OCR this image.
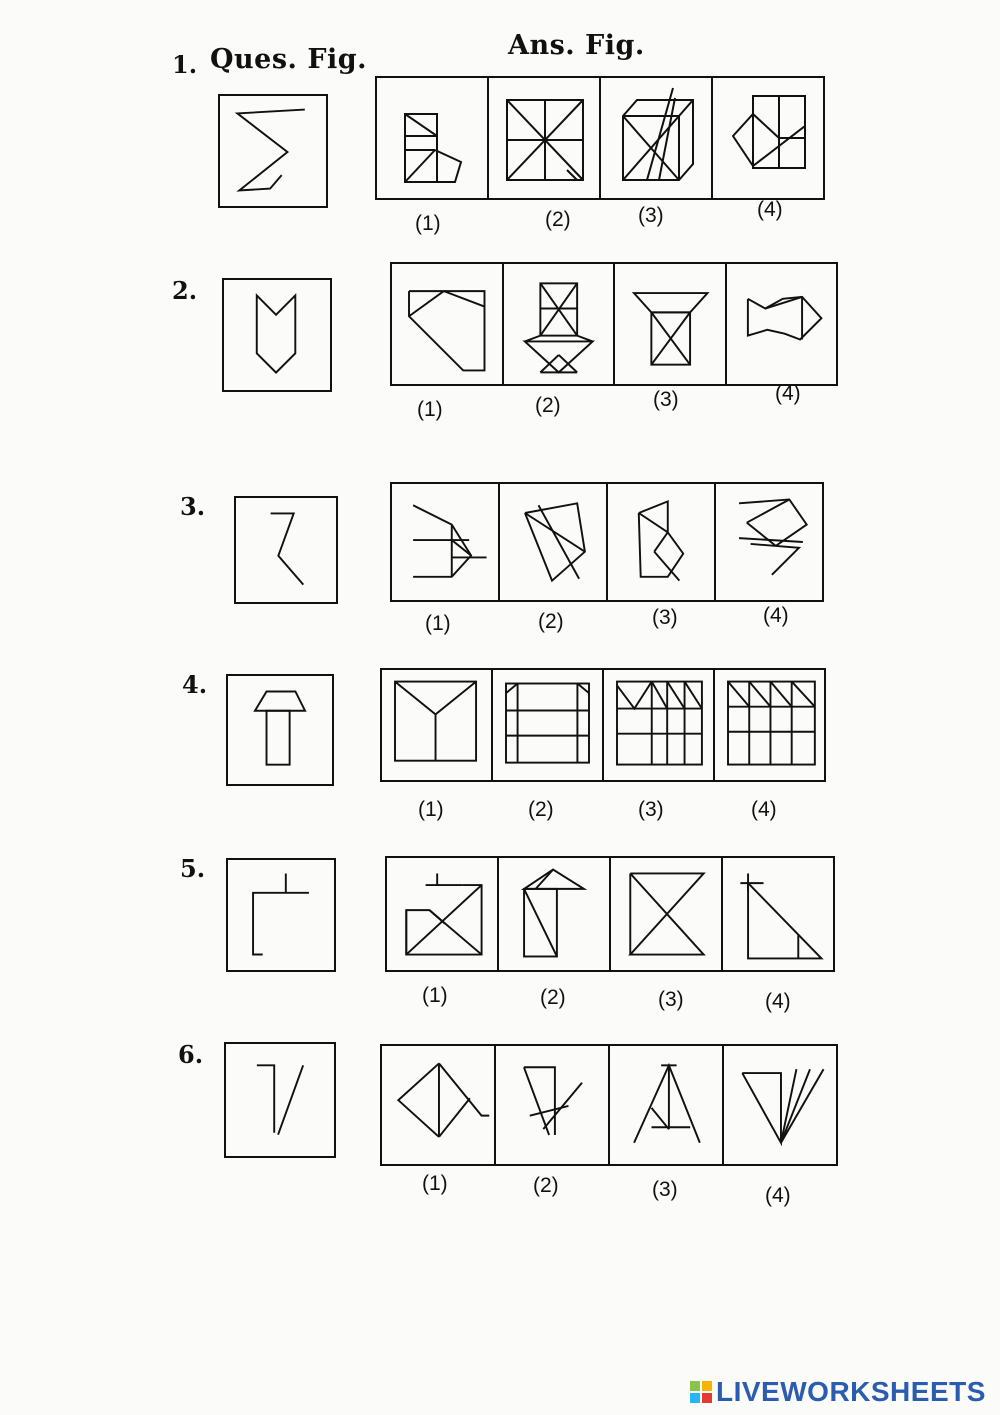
1. Ques. Fig.	Ans. Fig.
(1)	(2)	(3)	(4)
2.
(1)	(2)	(3)	(4)
3.
(1)	(2)	(3)	(4)
4.
(1)	(2)	(3)	(4)
5.
(1)	(2)	(3)	(4)
6.
(1)	(2)	(3)	(4)
LIVEWORKSHEETS
